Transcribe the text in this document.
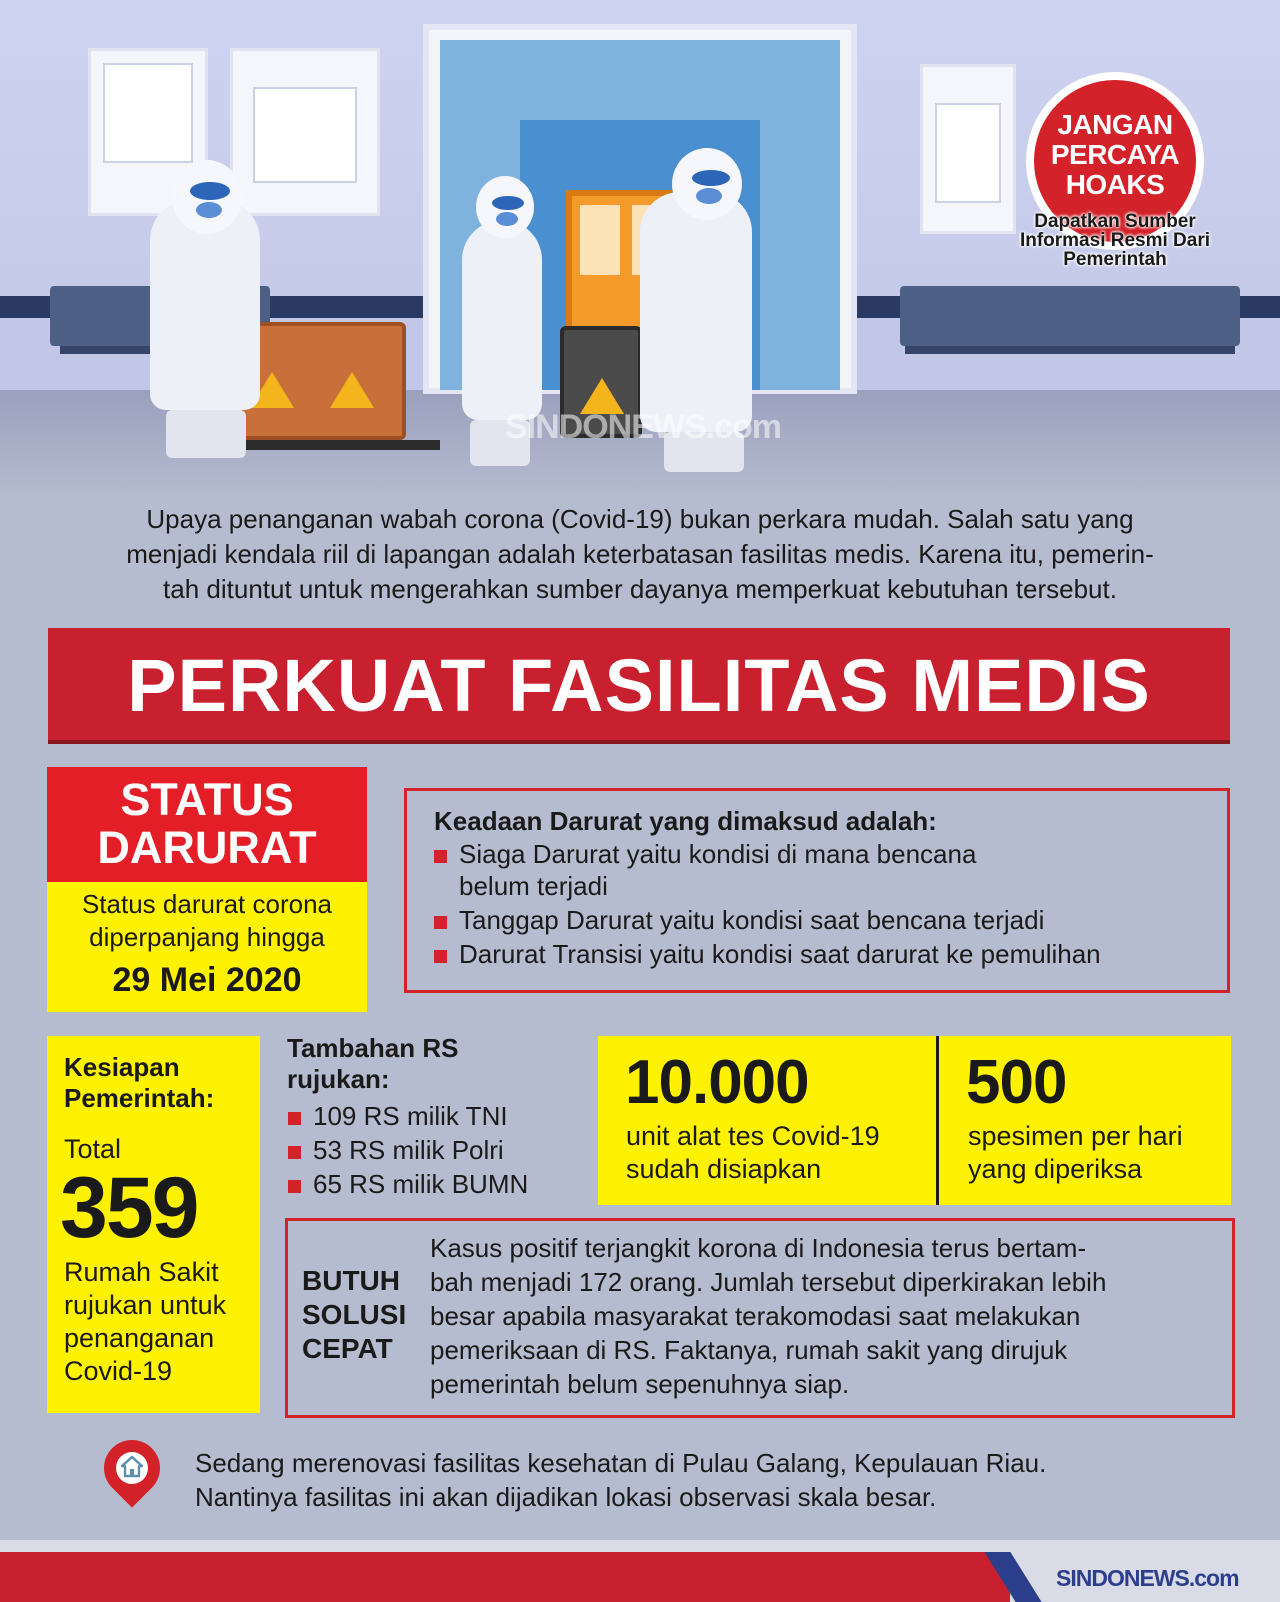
SINDONEWS.com
JANGAN
PERCAYA
HOAKS
Dapatkan Sumber
Informasi Resmi Dari
Pemerintah
Upaya penanganan wabah corona (Covid-19) bukan perkara mudah. Salah satu yang
menjadi kendala riil di lapangan adalah keterbatasan fasilitas medis. Karena itu, pemerin-
tah dituntut untuk mengerahkan sumber dayanya memperkuat kebutuhan tersebut.
PERKUAT FASILITAS MEDIS
STATUS
DARURAT
Status darurat corona
diperpanjang hingga
29 Mei 2020
Keadaan Darurat yang dimaksud adalah:
Siaga Darurat yaitu kondisi di mana bencana
belum terjadi
Tanggap Darurat yaitu kondisi saat bencana terjadi
Darurat Transisi yaitu kondisi saat darurat ke pemulihan
Kesiapan
Pemerintah:
Total
359
Rumah Sakit
rujukan untuk
penanganan
Covid-19
Tambahan RS
rujukan:
109 RS milik TNI
53 RS milik Polri
65 RS milik BUMN
10.000
unit alat tes Covid-19
sudah disiapkan
500
spesimen per hari
yang diperiksa
BUTUH
SOLUSI
CEPAT
Kasus positif terjangkit korona di Indonesia terus bertam-
bah menjadi 172 orang. Jumlah tersebut diperkirakan lebih
besar apabila masyarakat terakomodasi saat melakukan
pemeriksaan di RS. Faktanya, rumah sakit yang dirujuk
pemerintah belum sepenuhnya siap.
Sedang merenovasi fasilitas kesehatan di Pulau Galang, Kepulauan Riau.
Nantinya fasilitas ini akan dijadikan lokasi observasi skala besar.
SINDONEWS.com
